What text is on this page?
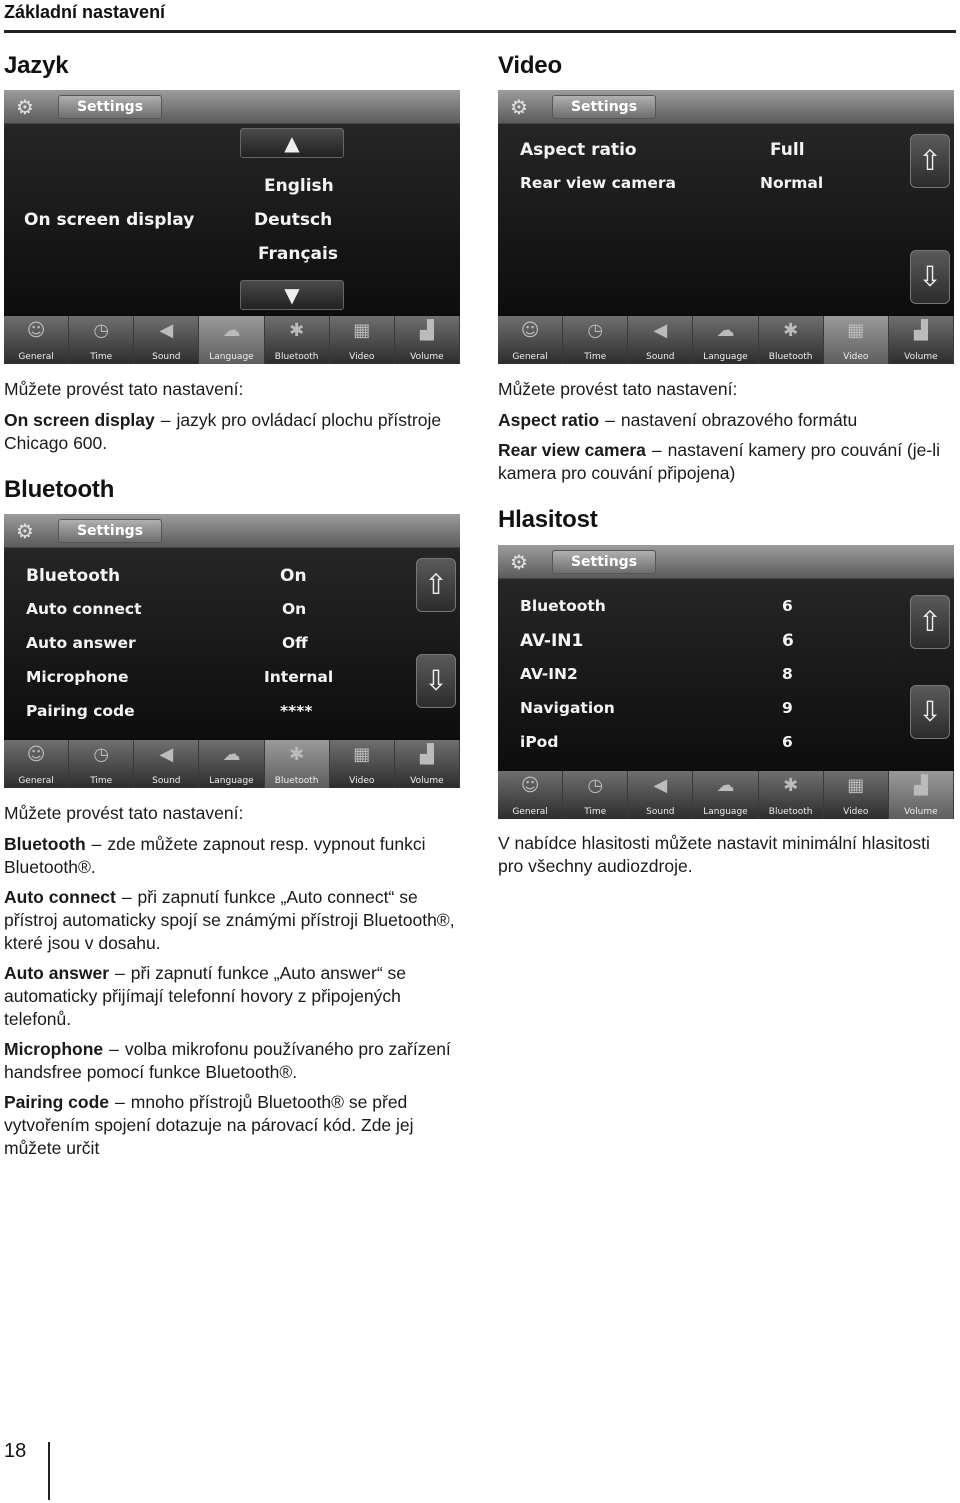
Základní nastavení
Jazyk
⚙	Settings
▲
English
On screen display	Deutsch
Français
▼
☺
General
◷
Time
◀
Sound
☁
Language
✱
Bluetooth
▦
Video
▟
Volume
Můžete provést tato nastavení:
On screen display – jazyk pro ovládací plochu přístroje Chicago 600.
Video
⚙	Settings
Aspect ratio	Full
Rear view camera	Normal
⇧
⇩
☺
General
◷
Time
◀
Sound
☁
Language
✱
Bluetooth
▦
Video
▟
Volume
Můžete provést tato nastavení:
Aspect ratio – nastavení obrazového formátu
Rear view camera – nastavení kamery pro couvání (je-li kamera pro couvání připojena)
Bluetooth
⚙	Settings
Bluetooth	On
Auto connect	On
Auto answer	Off
Microphone	Internal
Pairing code	****
⇧
⇩
☺
General
◷
Time
◀
Sound
☁
Language
✱
Bluetooth
▦
Video
▟
Volume
Můžete provést tato nastavení:
Bluetooth – zde můžete zapnout resp. vypnout funkci Bluetooth®.
Auto connect – při zapnutí funkce „Auto connect“ se přístroj automaticky spojí se známými přístroji Bluetooth®, které jsou v dosahu.
Auto answer – při zapnutí funkce „Auto answer“ se automaticky přijímají telefonní hovory z připojených telefonů.
Microphone – volba mikrofonu používaného pro zařízení handsfree pomocí funkce Bluetooth®.
Pairing code – mnoho přístrojů Bluetooth® se před vytvořením spojení dotazuje na párovací kód. Zde jej můžete určit
Hlasitost
⚙	Settings
Bluetooth	6
AV-IN1	6
AV-IN2	8
Navigation	9
iPod	6
⇧
⇩
☺
General
◷
Time
◀
Sound
☁
Language
✱
Bluetooth
▦
Video
▟
Volume
V nabídce hlasitosti můžete nastavit minimální hlasitosti pro všechny audiozdroje.
18
